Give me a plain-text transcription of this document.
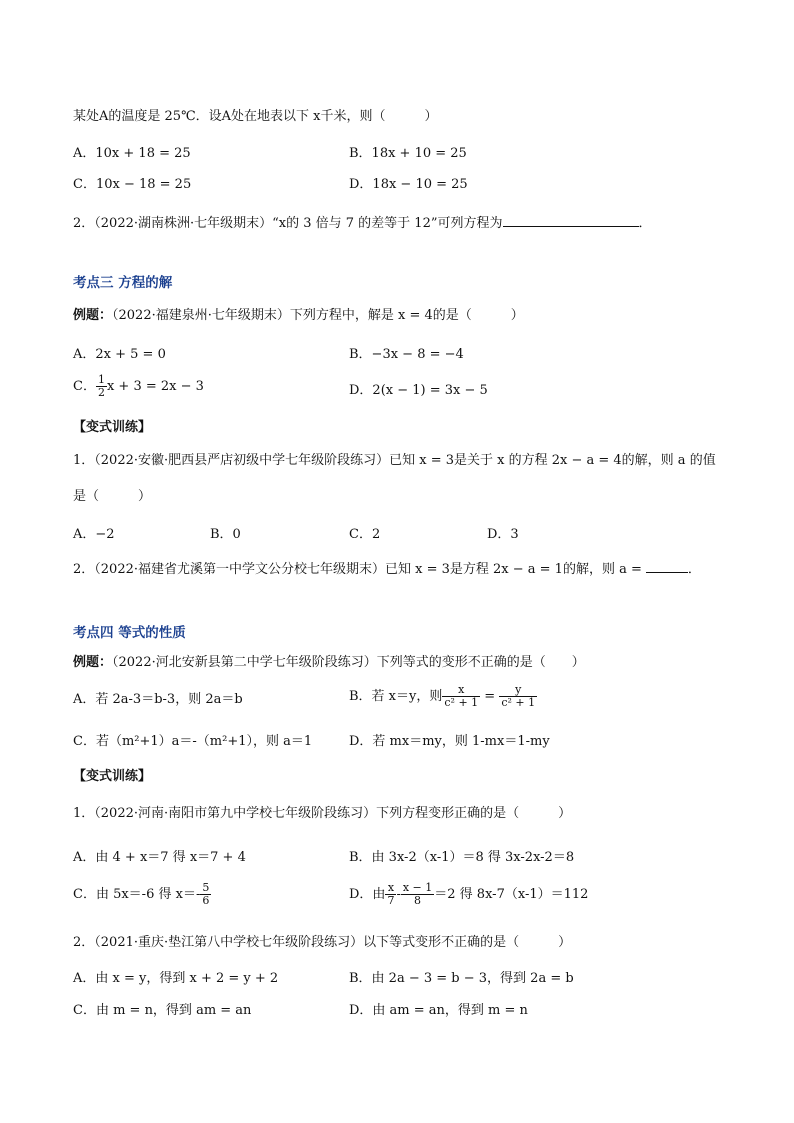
某处A的温度是 25℃．设A处在地表以下 x千米，则（　　　）
A．10x + 18 = 25	B．18x + 10 = 25
C．10x − 18 = 25	D．18x − 10 = 25
2．（2022·湖南株洲·七年级期末）“x的 3 倍与 7 的差等于 12”可列方程为	．
考点三 方程的解
例题：（2022·福建泉州·七年级期末）下列方程中，解是 x = 4的是（　　　）
A．2x + 5 = 0	B．−3x − 8 = −4
C． $\frac{1}{2}$ x + 3 = 2x − 3	D．2(x − 1) = 3x − 5
【变式训练】
1．（2022·安徽·肥西县严店初级中学七年级阶段练习）已知 x = 3是关于 x 的方程 2x − a = 4的解，则 a 的值
是（　　　）
A．−2	B．0	C．2	D．3
2．（2022·福建省尤溪第一中学文公分校七年级期末）已知 x = 3是方程 2x − a = 1的解，则 a =	．
考点四 等式的性质
例题：（2022·河北安新县第二中学七年级阶段练习）下列等式的变形不正确的是（　　）
A．若 2a-3＝b-3，则 2a＝b	B．若 x＝y，则 $\frac{x}{\text{c² + 1}} = \frac{y}{\text{c² + 1}}$
C．若（m²+1）a＝-（m²+1），则 a＝1	D．若 mx＝my，则 1-mx＝1-my
【变式训练】
1．（2022·河南·南阳市第九中学校七年级阶段练习）下列方程变形正确的是（　　　）
A．由 4 + x＝7 得 x＝7 + 4	B．由 3x-2（x-1）＝8 得 3x-2x-2＝8
C．由 5x＝-6 得 $x=- \frac{5}{6}$	D．由 $\frac{x}{7} - \frac{x - 1}{8} =2$ 得 8x-7（x-1）＝112
2．（2021·重庆·垫江第八中学校七年级阶段练习）以下等式变形不正确的是（　　　）
A．由 x = y，得到 x + 2 = y + 2	B．由 2a − 3 = b − 3，得到 2a = b
C．由 m = n，得到 am = an	D．由 am = an，得到 m = n
